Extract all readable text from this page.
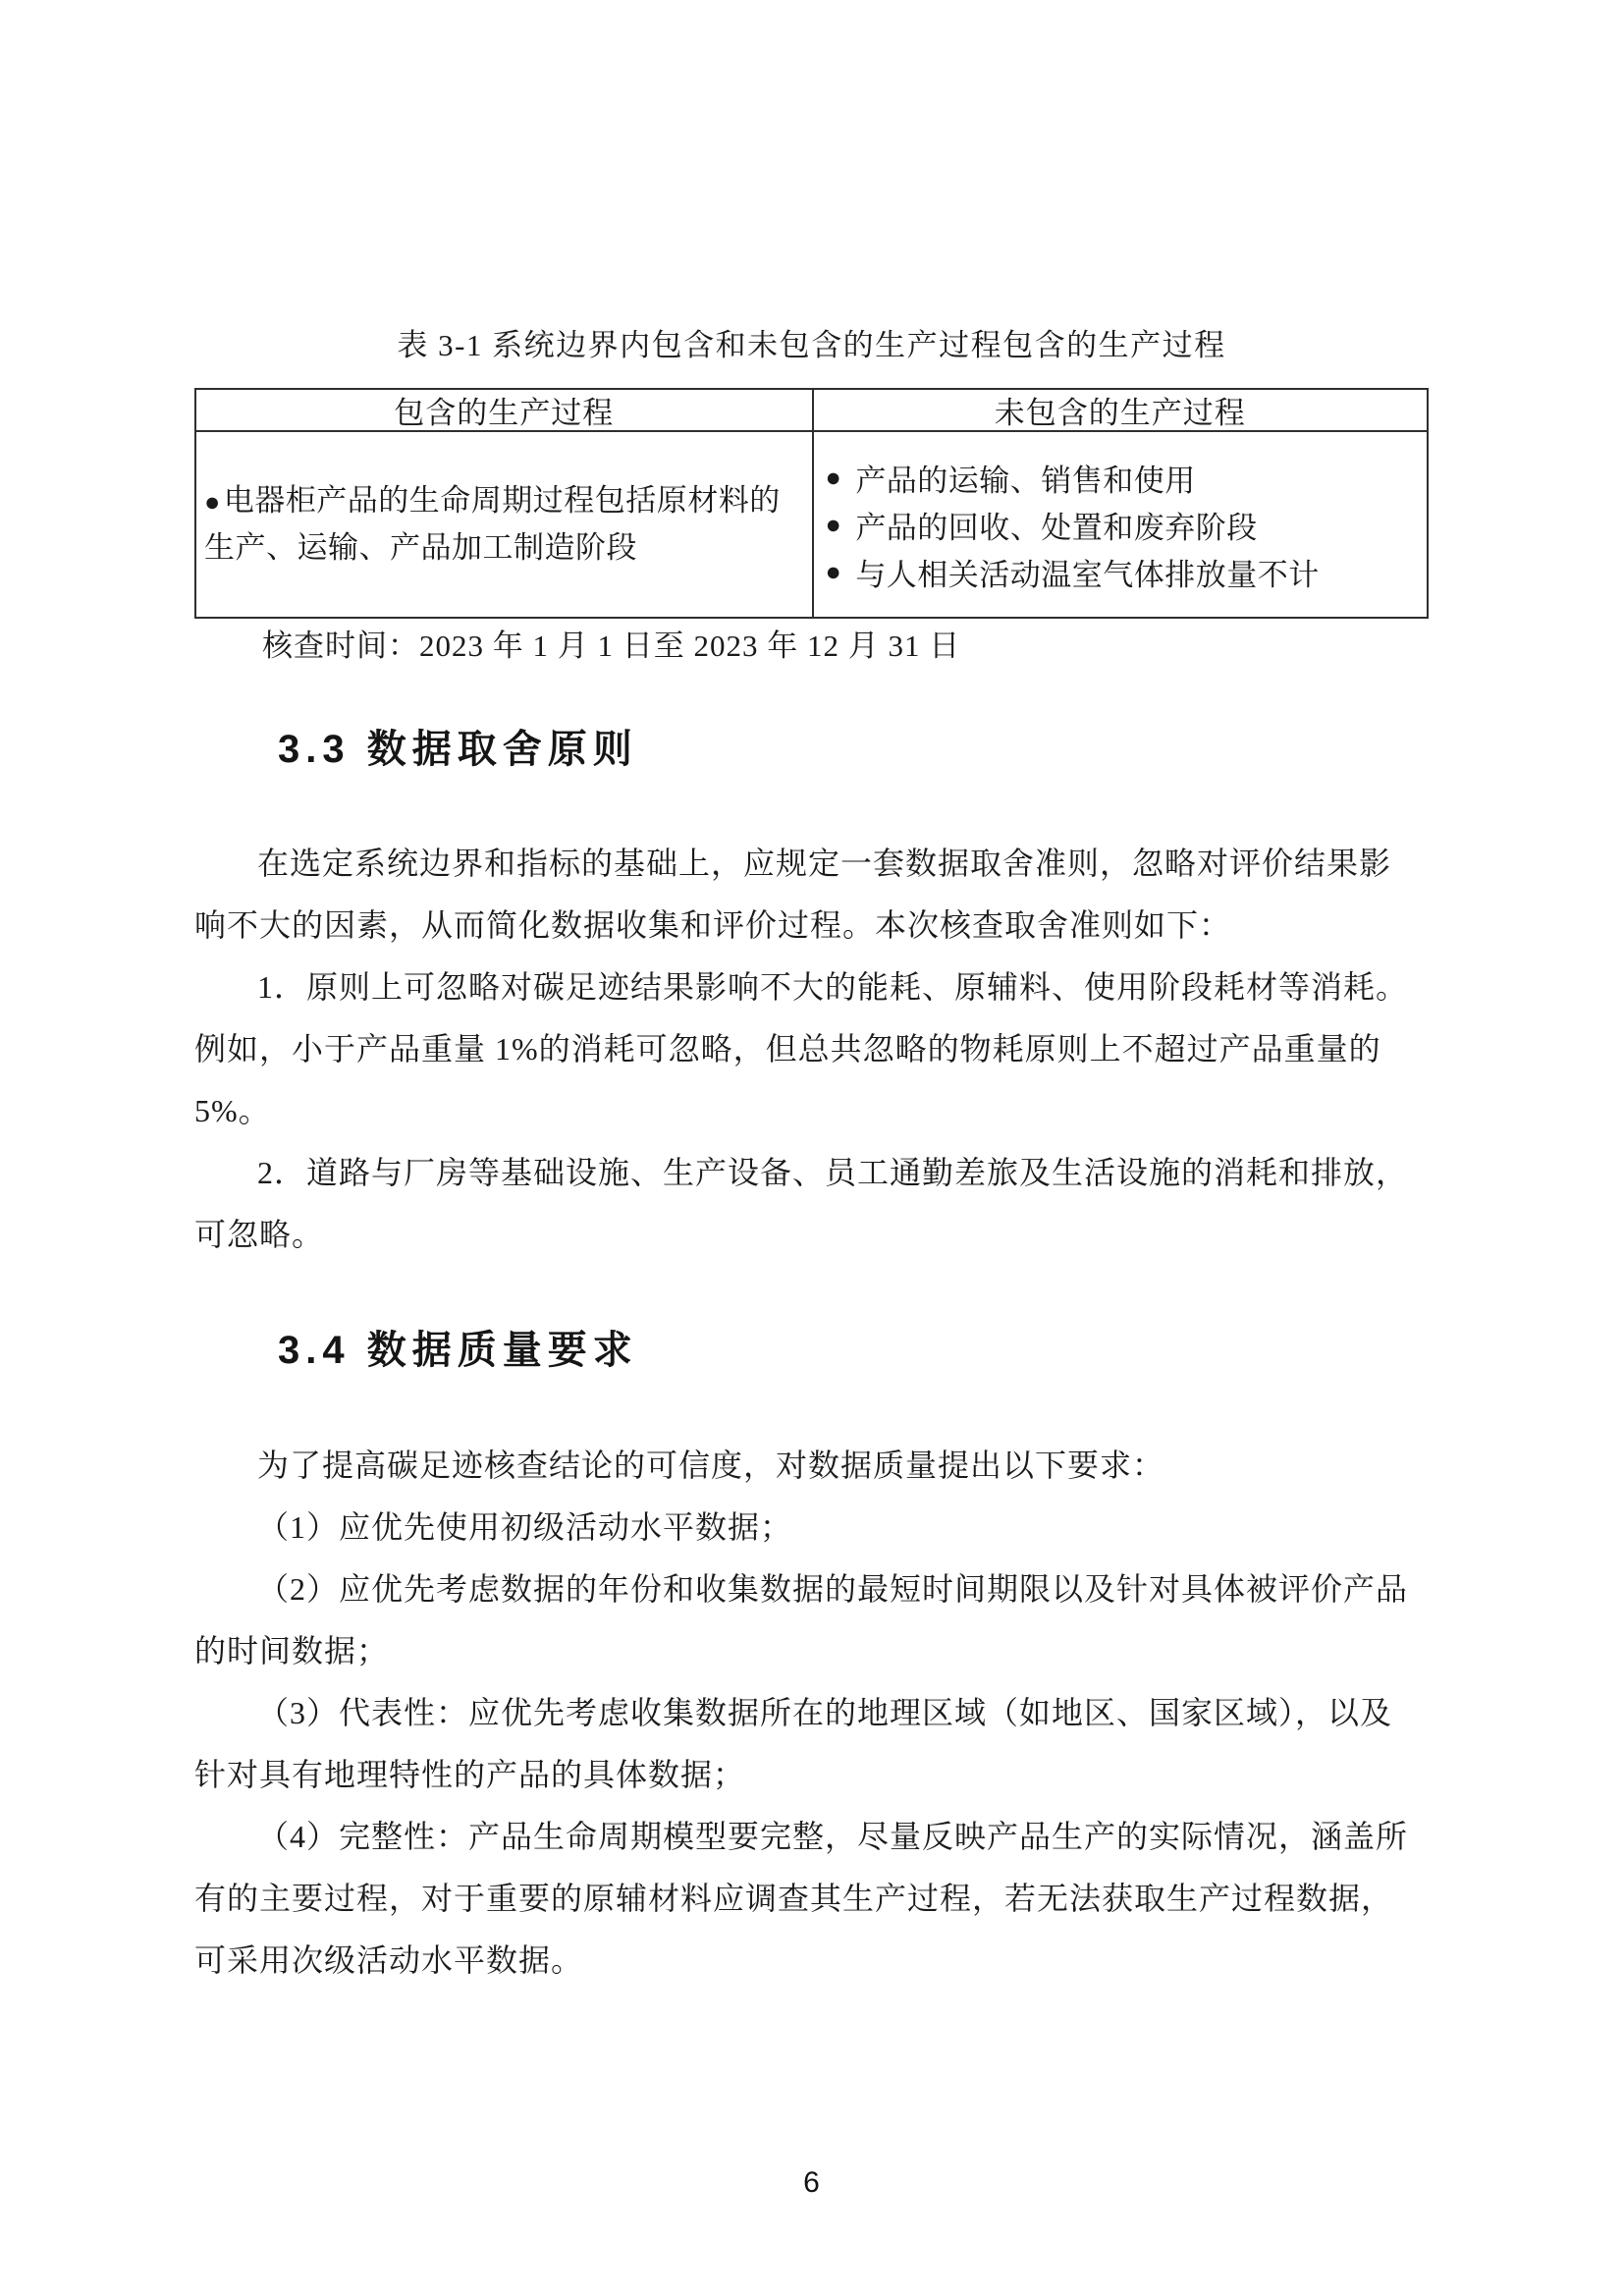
表 3-1 系统边界内包含和未包含的生产过程包含的生产过程
包含的生产过程	未包含的生产过程
●电器柜产品的生命周期过程包括原材料的生产、运输、产品加工制造阶段
● 产品的运输、销售和使用
● 产品的回收、处置和废弃阶段
● 与人相关活动温室气体排放量不计
核查时间：2023 年 1 月 1 日至 2023 年 12 月 31 日
3.3 数据取舍原则
在选定系统边界和指标的基础上，应规定一套数据取舍准则，忽略对评价结果影
响不大的因素，从而简化数据收集和评价过程。本次核查取舍准则如下：
1．原则上可忽略对碳足迹结果影响不大的能耗、原辅料、使用阶段耗材等消耗。
例如，小于产品重量 1%的消耗可忽略，但总共忽略的物耗原则上不超过产品重量的
5%。
2．道路与厂房等基础设施、生产设备、员工通勤差旅及生活设施的消耗和排放，
可忽略。
3.4 数据质量要求
为了提高碳足迹核查结论的可信度，对数据质量提出以下要求：
（1）应优先使用初级活动水平数据；
（2）应优先考虑数据的年份和收集数据的最短时间期限以及针对具体被评价产品
的时间数据；
（3）代表性：应优先考虑收集数据所在的地理区域（如地区、国家区域），以及
针对具有地理特性的产品的具体数据；
（4）完整性：产品生命周期模型要完整，尽量反映产品生产的实际情况，涵盖所
有的主要过程，对于重要的原辅材料应调查其生产过程，若无法获取生产过程数据，
可采用次级活动水平数据。
6
